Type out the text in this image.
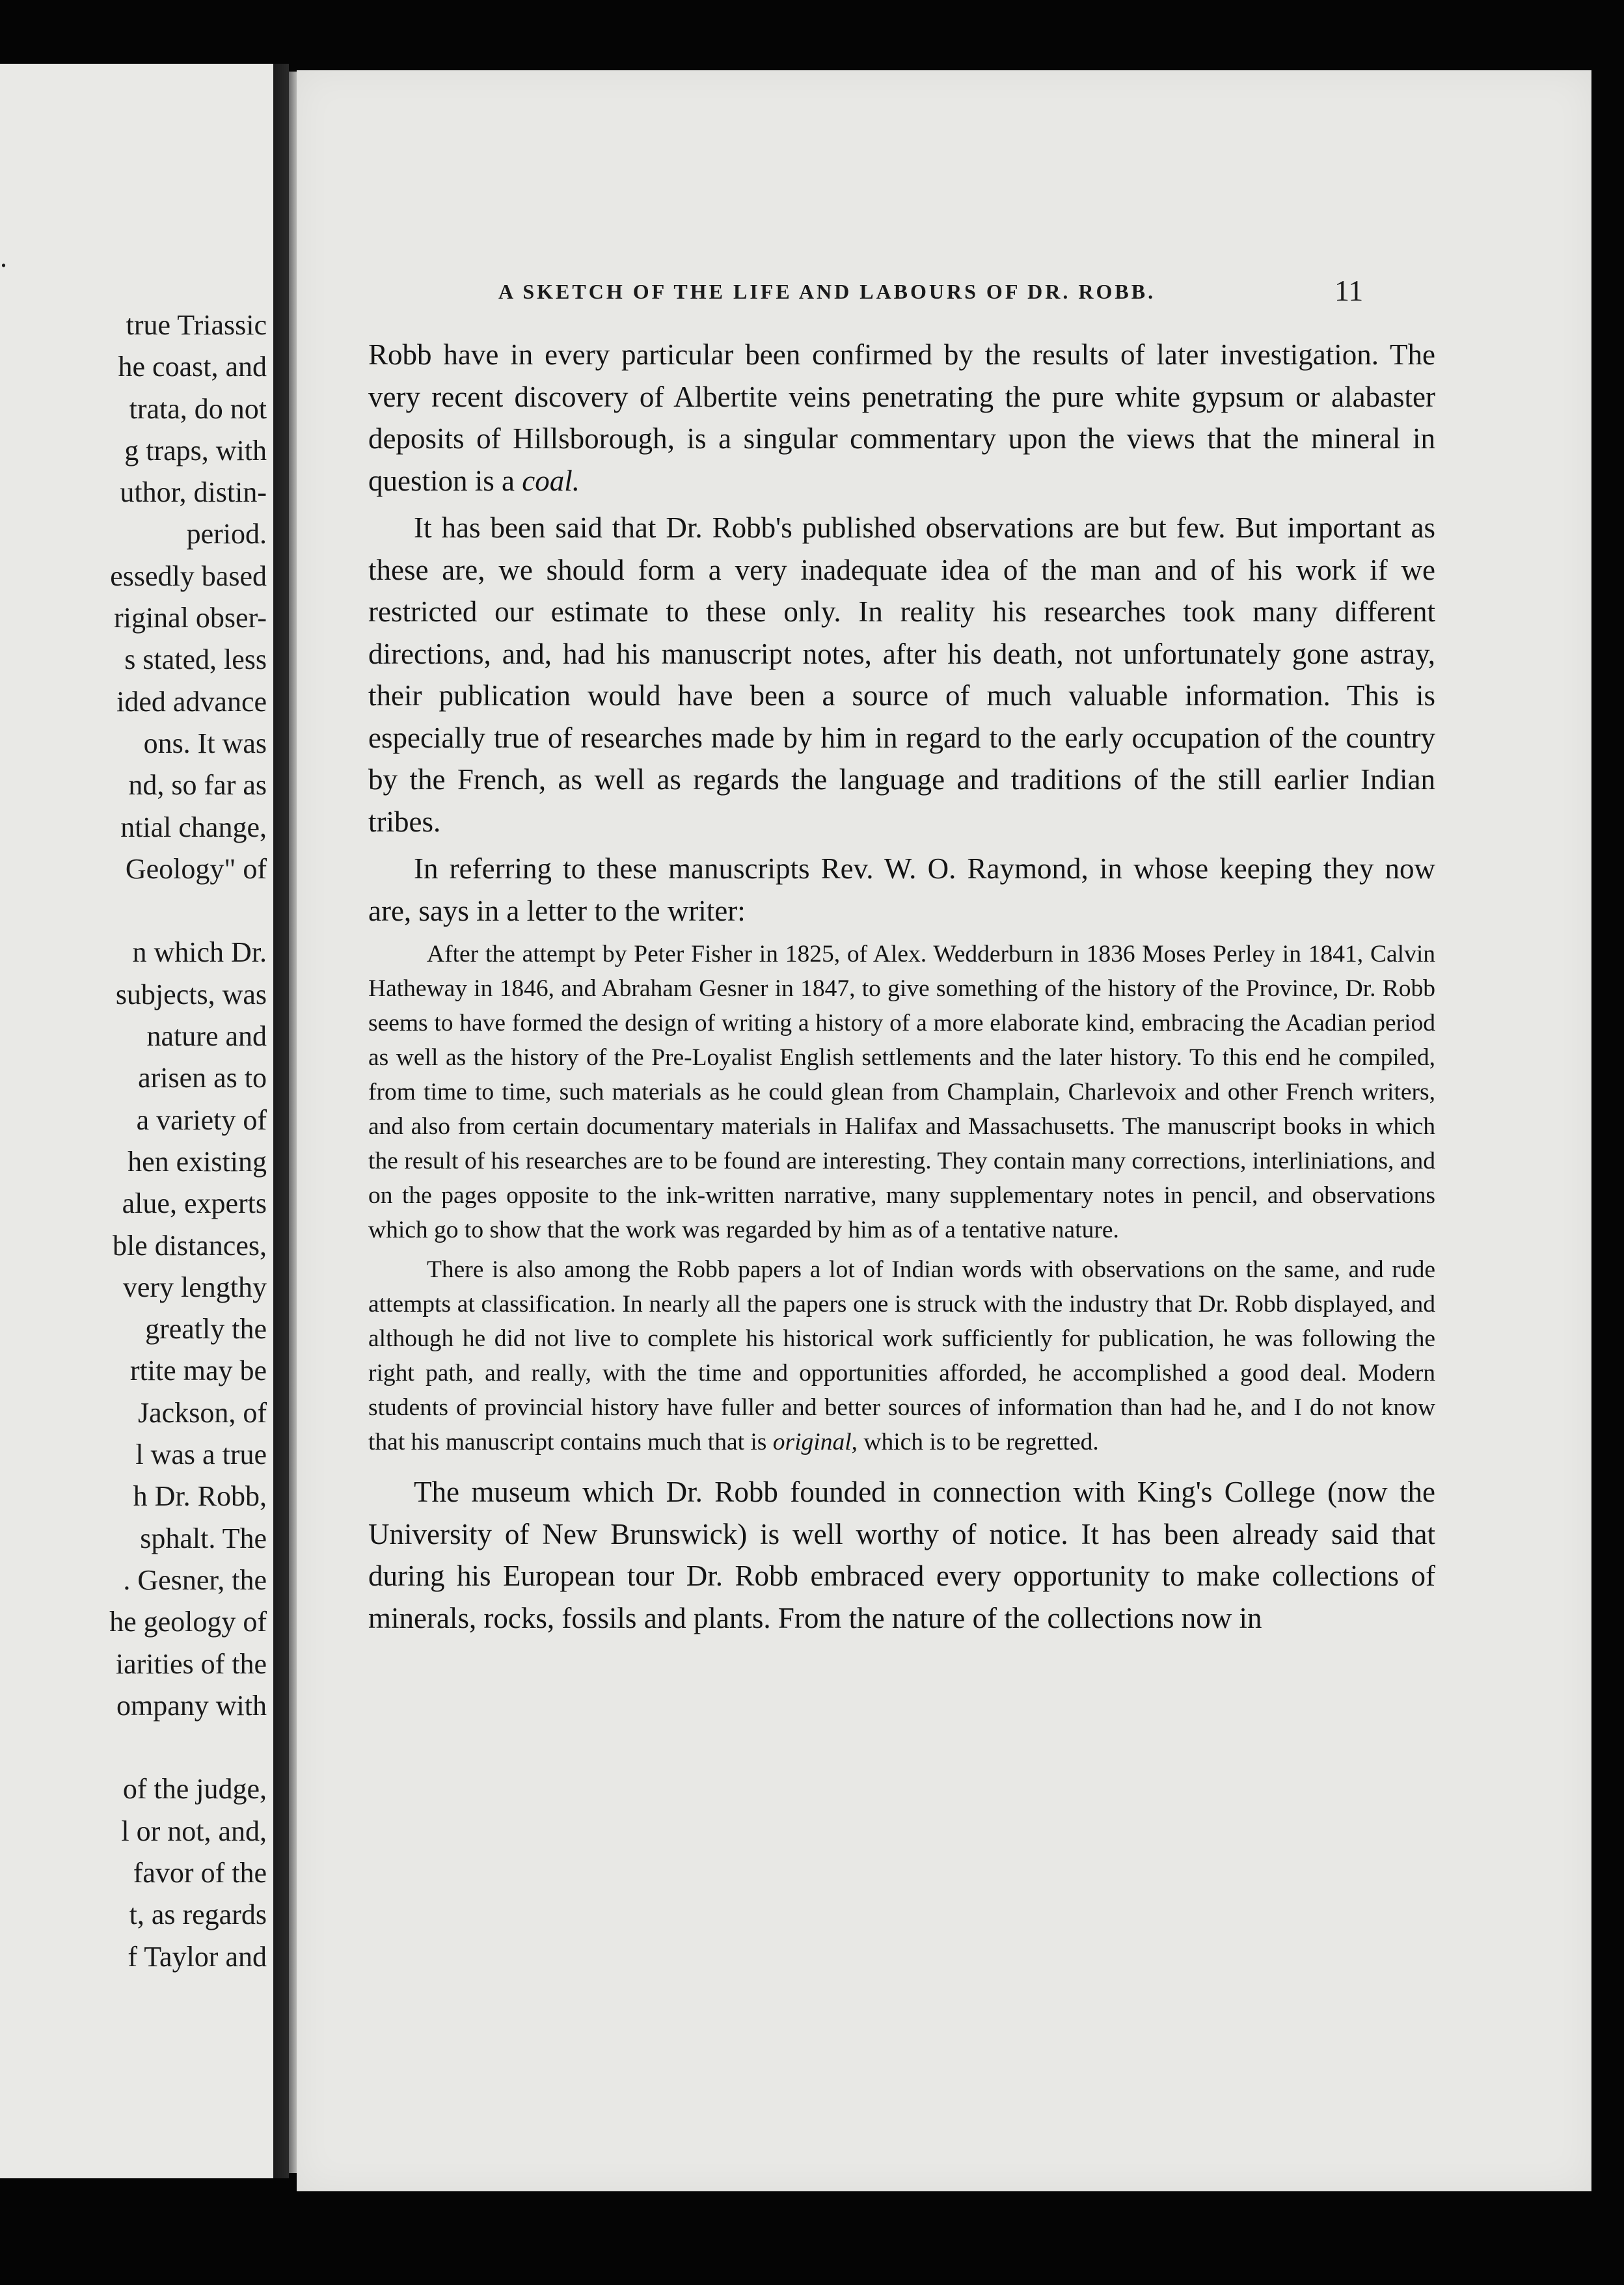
.
true Triassic
he coast, and
trata, do not
g traps, with
uthor, distin-
period.
essedly based
riginal obser-
s stated, less
ided advance
ons. It was
nd, so far as
ntial change,
Geology" of
n which Dr.
subjects, was
nature and
arisen as to
a variety of
hen existing
alue, experts
ble distances,
very lengthy
greatly the
rtite may be
Jackson, of
l was a true
h Dr. Robb,
sphalt. The
. Gesner, the
he geology of
iarities of the
ompany with
of the judge,
l or not, and,
favor of the
t, as regards
f Taylor and
A SKETCH OF THE LIFE AND LABOURS OF DR. ROBB.	11

Robb have in every particular been confirmed by the results of later investigation. The very recent discovery of Albertite veins penetrating the pure white gypsum or alabaster deposits of Hillsborough, is a singular commentary upon the views that the mineral in question is a coal.

It has been said that Dr. Robb's published observations are but few. But important as these are, we should form a very inadequate idea of the man and of his work if we restricted our estimate to these only. In reality his researches took many different directions, and, had his manuscript notes, after his death, not unfortunately gone astray, their publication would have been a source of much valuable information. This is especially true of researches made by him in regard to the early occupation of the country by the French, as well as regards the language and traditions of the still earlier Indian tribes.

In referring to these manuscripts Rev. W. O. Raymond, in whose keeping they now are, says in a letter to the writer:

After the attempt by Peter Fisher in 1825, of Alex. Wedderburn in 1836 Moses Perley in 1841, Calvin Hatheway in 1846, and Abraham Gesner in 1847, to give something of the history of the Province, Dr. Robb seems to have formed the design of writing a history of a more elaborate kind, embracing the Acadian period as well as the history of the Pre-Loyalist English settlements and the later history. To this end he compiled, from time to time, such materials as he could glean from Champlain, Charlevoix and other French writers, and also from certain documentary materials in Halifax and Massachusetts. The manuscript books in which the result of his researches are to be found are interesting. They contain many corrections, interliniations, and on the pages opposite to the ink-written narrative, many supplementary notes in pencil, and observations which go to show that the work was regarded by him as of a tentative nature.

There is also among the Robb papers a lot of Indian words with observations on the same, and rude attempts at classification. In nearly all the papers one is struck with the industry that Dr. Robb displayed, and although he did not live to complete his historical work sufficiently for publication, he was following the right path, and really, with the time and opportunities afforded, he accomplished a good deal. Modern students of provincial history have fuller and better sources of information than had he, and I do not know that his manuscript contains much that is original, which is to be regretted.

The museum which Dr. Robb founded in connection with King's College (now the University of New Brunswick) is well worthy of notice. It has been already said that during his European tour Dr. Robb embraced every opportunity to make collections of minerals, rocks, fossils and plants. From the nature of the collections now in
